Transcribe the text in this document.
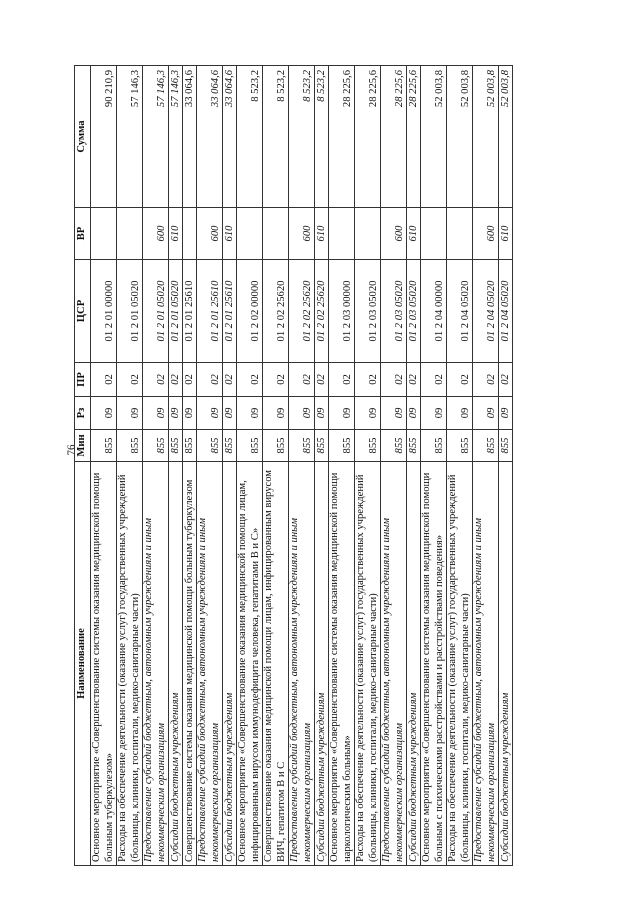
76
Наименование	Мин	Рз	ПР	ЦСР	ВР	Сумма
Основное мероприятие «Совершенствование системы оказания медицинской помощи больным туберкулезом»	855	09	02	01 2 01 00000		90 210,9
Расходы на обеспечение деятельности (оказание услуг) государственных учреждений (больницы, клиники, госпитали, медико-санитарные части)	855	09	02	01 2 01 05020		57 146,3
Предоставление субсидий бюджетным, автономным учреждениям и иным некоммерческим организациям	855	09	02	01 2 01 05020	600	57 146,3
Субсидии бюджетным учреждениям	855	09	02	01 2 01 05020	610	57 146,3
Совершенствование системы оказания медицинской помощи больным туберкулезом	855	09	02	01 2 01 25610		33 064,6
Предоставление субсидий бюджетным, автономным учреждениям и иным некоммерческим организациям	855	09	02	01 2 01 25610	600	33 064,6
Субсидии бюджетным учреждениям	855	09	02	01 2 01 25610	610	33 064,6
Основное мероприятие «Совершенствование оказания медицинской помощи лицам, инфицированным вирусом иммунодефицита человека, гепатитами B и C»	855	09	02	01 2 02 00000		8 523,2
Совершенствование оказания медицинской помощи лицам, инфицированным вирусом ВИЧ, гепатитом B и C	855	09	02	01 2 02 25620		8 523,2
Предоставление субсидий бюджетным, автономным учреждениям и иным некоммерческим организациям	855	09	02	01 2 02 25620	600	8 523,2
Субсидии бюджетным учреждениям	855	09	02	01 2 02 25620	610	8 523,2
Основное мероприятие «Совершенствование системы оказания медицинской помощи наркологическим больным»	855	09	02	01 2 03 00000		28 225,6
Расходы на обеспечение деятельности (оказание услуг) государственных учреждений (больницы, клиники, госпитали, медико-санитарные части)	855	09	02	01 2 03 05020		28 225,6
Предоставление субсидий бюджетным, автономным учреждениям и иным некоммерческим организациям	855	09	02	01 2 03 05020	600	28 225,6
Субсидии бюджетным учреждениям	855	09	02	01 2 03 05020	610	28 225,6
Основное мероприятие «Совершенствование системы оказания медицинской помощи больным с психическими расстройствами и расстройствами поведения»	855	09	02	01 2 04 00000		52 003,8
Расходы на обеспечение деятельности (оказание услуг) государственных учреждений (больницы, клиники, госпитали, медико-санитарные части)	855	09	02	01 2 04 05020		52 003,8
Предоставление субсидий бюджетным, автономным учреждениям и иным некоммерческим организациям	855	09	02	01 2 04 05020	600	52 003,8
Субсидии бюджетным учреждениям	855	09	02	01 2 04 05020	610	52 003,8
